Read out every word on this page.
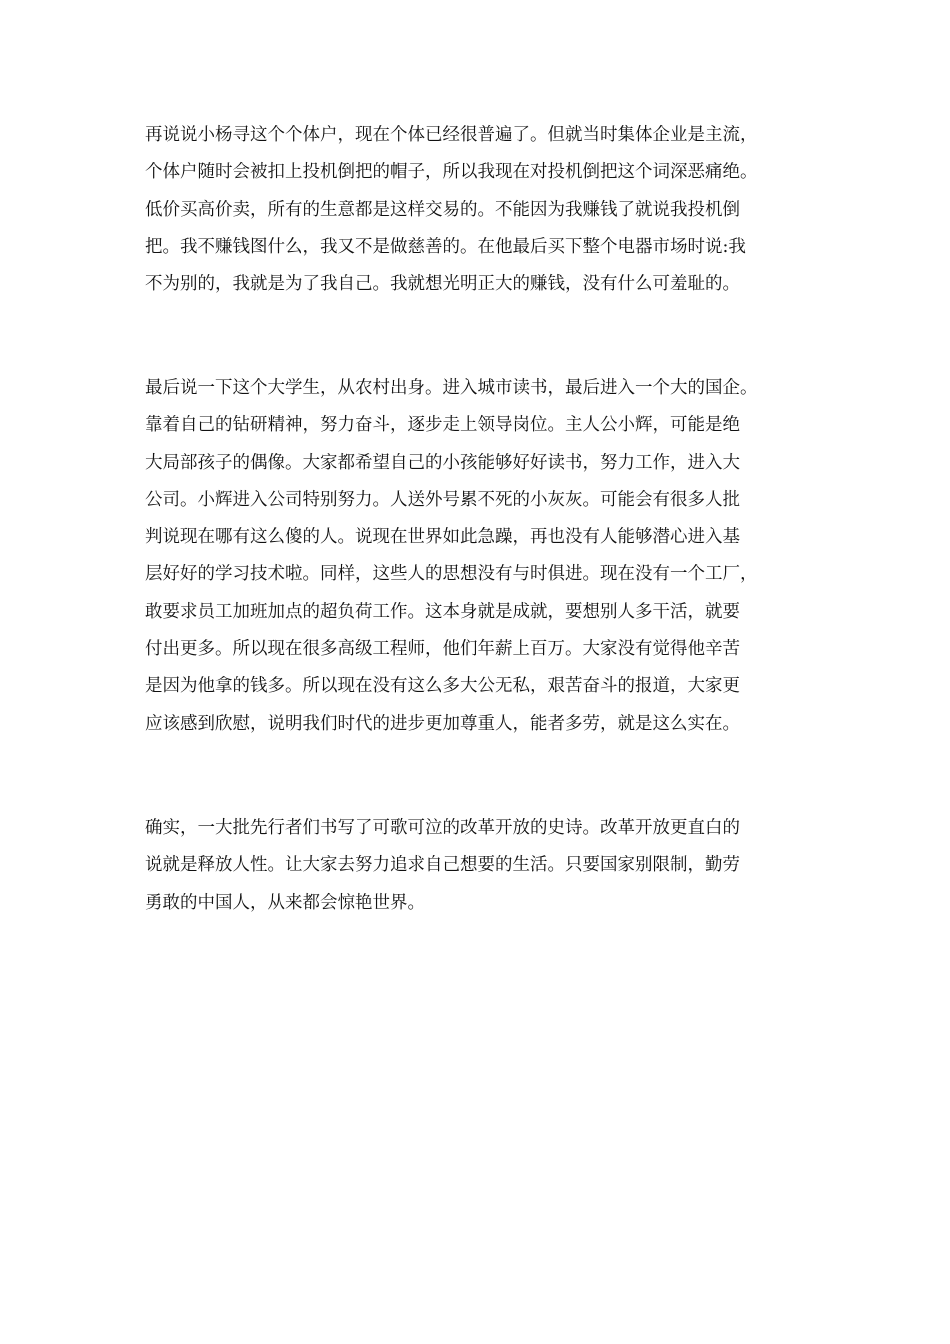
再说说小杨寻这个个体户，现在个体已经很普遍了。但就当时集体企业是主流，
个体户随时会被扣上投机倒把的帽子，所以我现在对投机倒把这个词深恶痛绝。
低价买高价卖，所有的生意都是这样交易的。不能因为我赚钱了就说我投机倒
把。我不赚钱图什么，我又不是做慈善的。在他最后买下整个电器市场时说:我
不为别的，我就是为了我自己。我就想光明正大的赚钱，没有什么可羞耻的。

最后说一下这个大学生，从农村出身。进入城市读书，最后进入一个大的国企。
靠着自己的钻研精神，努力奋斗，逐步走上领导岗位。主人公小辉，可能是绝
大局部孩子的偶像。大家都希望自己的小孩能够好好读书，努力工作，进入大
公司。小辉进入公司特别努力。人送外号累不死的小灰灰。可能会有很多人批
判说现在哪有这么傻的人。说现在世界如此急躁，再也没有人能够潜心进入基
层好好的学习技术啦。同样，这些人的思想没有与时俱进。现在没有一个工厂，
敢要求员工加班加点的超负荷工作。这本身就是成就，要想别人多干活，就要
付出更多。所以现在很多高级工程师，他们年薪上百万。大家没有觉得他辛苦
是因为他拿的钱多。所以现在没有这么多大公无私，艰苦奋斗的报道，大家更
应该感到欣慰，说明我们时代的进步更加尊重人，能者多劳，就是这么实在。

确实，一大批先行者们书写了可歌可泣的改革开放的史诗。改革开放更直白的
说就是释放人性。让大家去努力追求自己想要的生活。只要国家别限制，勤劳
勇敢的中国人，从来都会惊艳世界。
